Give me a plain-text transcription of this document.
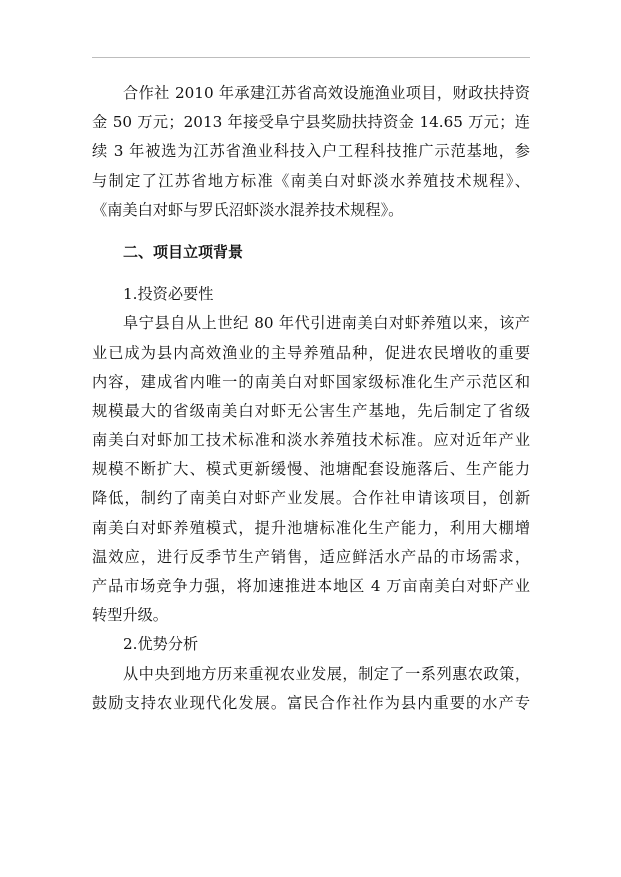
合作社 2010 年承建江苏省高效设施渔业项目，财政扶持资
金 50 万元；2013 年接受阜宁县奖励扶持资金 14.65 万元；连
续 3 年被选为江苏省渔业科技入户工程科技推广示范基地，参
与制定了江苏省地方标准《南美白对虾淡水养殖技术规程》、
《南美白对虾与罗氏沼虾淡水混养技术规程》。
二、项目立项背景
1.投资必要性
阜宁县自从上世纪 80 年代引进南美白对虾养殖以来，该产
业已成为县内高效渔业的主导养殖品种，促进农民增收的重要
内容，建成省内唯一的南美白对虾国家级标准化生产示范区和
规模最大的省级南美白对虾无公害生产基地，先后制定了省级
南美白对虾加工技术标准和淡水养殖技术标准。应对近年产业
规模不断扩大、模式更新缓慢、池塘配套设施落后、生产能力
降低，制约了南美白对虾产业发展。合作社申请该项目，创新
南美白对虾养殖模式，提升池塘标准化生产能力，利用大棚增
温效应，进行反季节生产销售，适应鲜活水产品的市场需求，
产品市场竞争力强，将加速推进本地区 4 万亩南美白对虾产业
转型升级。
2.优势分析
从中央到地方历来重视农业发展，制定了一系列惠农政策，
鼓励支持农业现代化发展。富民合作社作为县内重要的水产专
